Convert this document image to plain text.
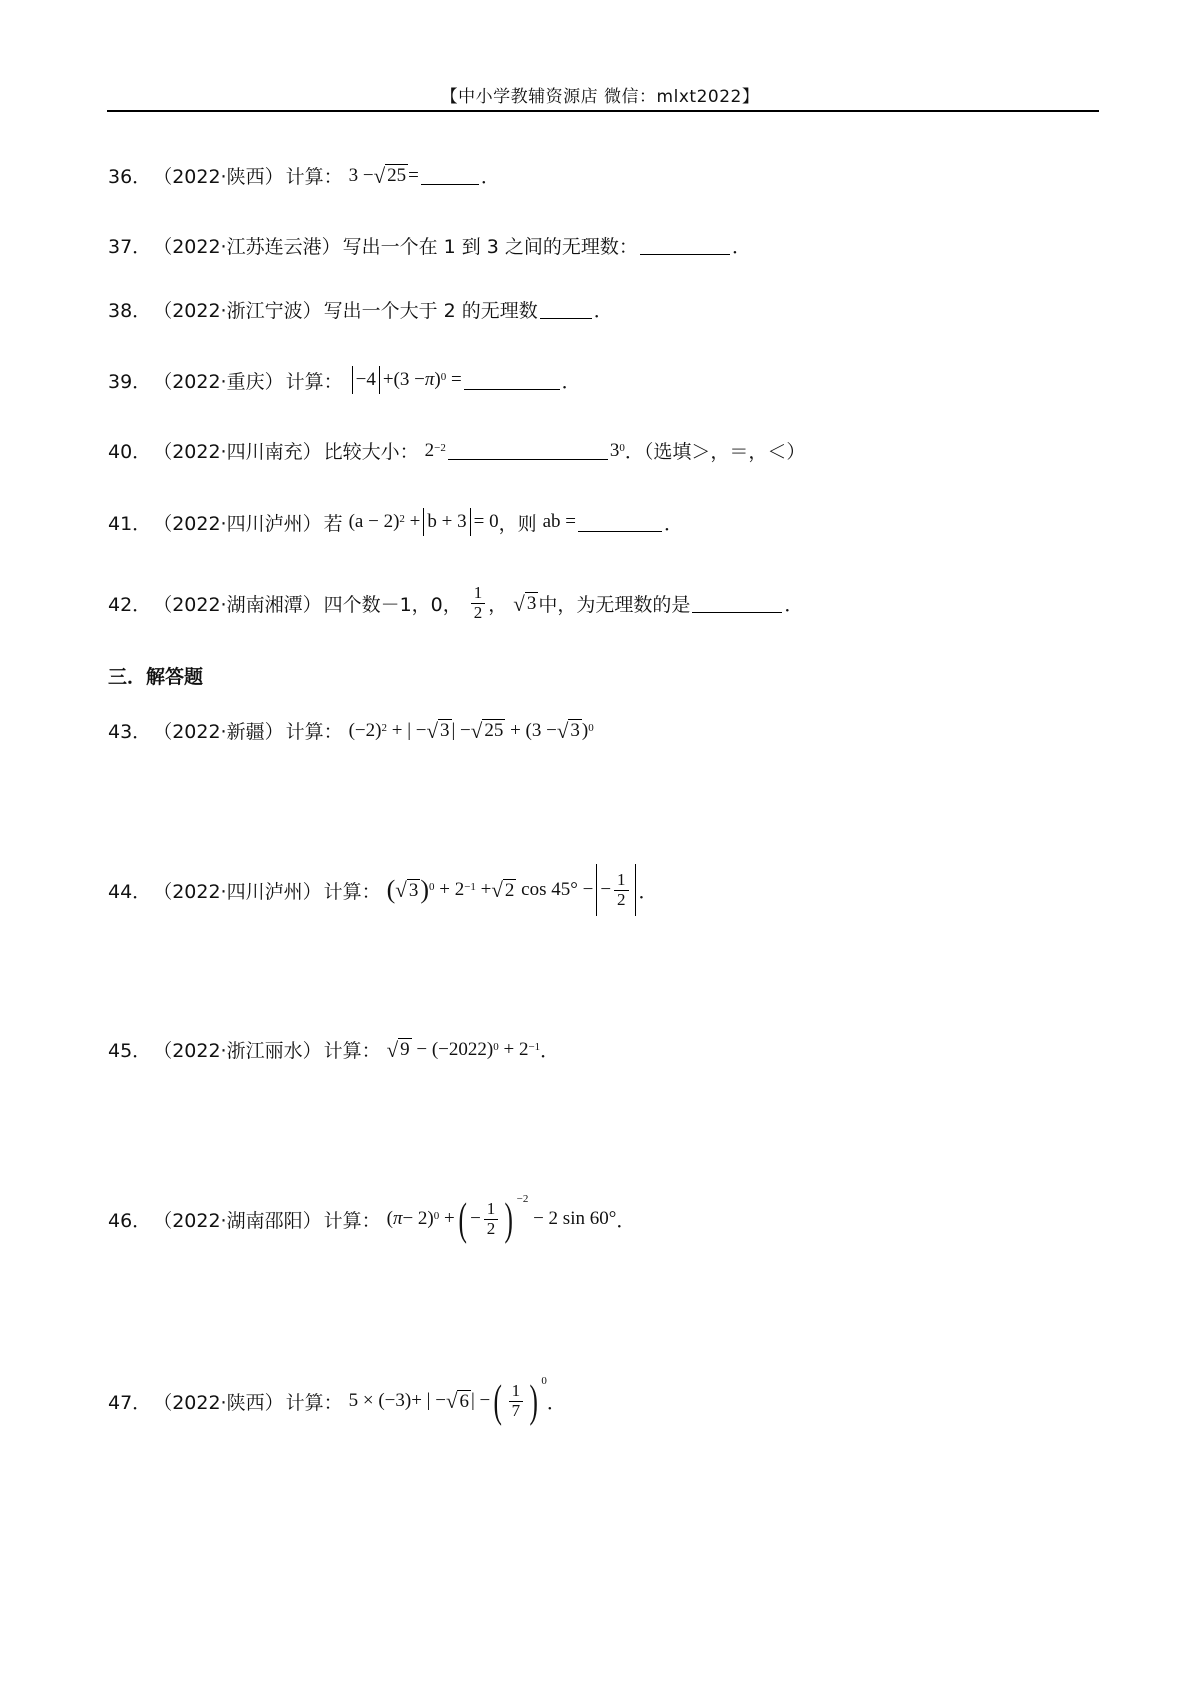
【中小学教辅资源店 微信：mlxt2022】
36． （2022·陕西） 计算： 3 − √ 25 =	．
37． （2022·江苏连云港） 写出一个在 1 到 3 之间的无理数：	．
38． （2022·浙江宁波） 写出一个大于 2 的无理数	．
39． （2022·重庆） 计算： −4 +(3 − π )$^0$ =	．
40． （2022·四川南充） 比较大小： $2^{-2}$	$3^0$ ．（选填＞，＝，＜）
41． （2022·四川泸州） 若 $(a - 2)^2 + b + 3 = 0$ ，则 ab =	．
42． （2022·湖南湘潭） 四个数－1，0， $\frac{1}{2}$ ， √ 3 中，为无理数的是	．
三．解答题
43． （2022·新疆） 计算： $(-2)^2$ + | − √ 3 | − √ 25 + (3 − √ 3 )$^0$
44． （2022·四川泸州） 计算： ( √ 3 )$^0 + 2^{-1}$ + √ 2 cos 45° −
− $\frac{1}{2}$ ．
45． （2022·浙江丽水） 计算： √ $9 - (-2022)^0 + 2^{-1}$ ．
46． （2022·湖南邵阳） 计算： ( π − 2)$^0$ + ( − $\frac{1}{2}$ ) $^{-2}$
− 2 sin 60° ．
47． （2022·陕西） 计算： 5 × (−3)+ | − √ 6 | − ( $\frac{1}{7}$ ) $^0$
．
